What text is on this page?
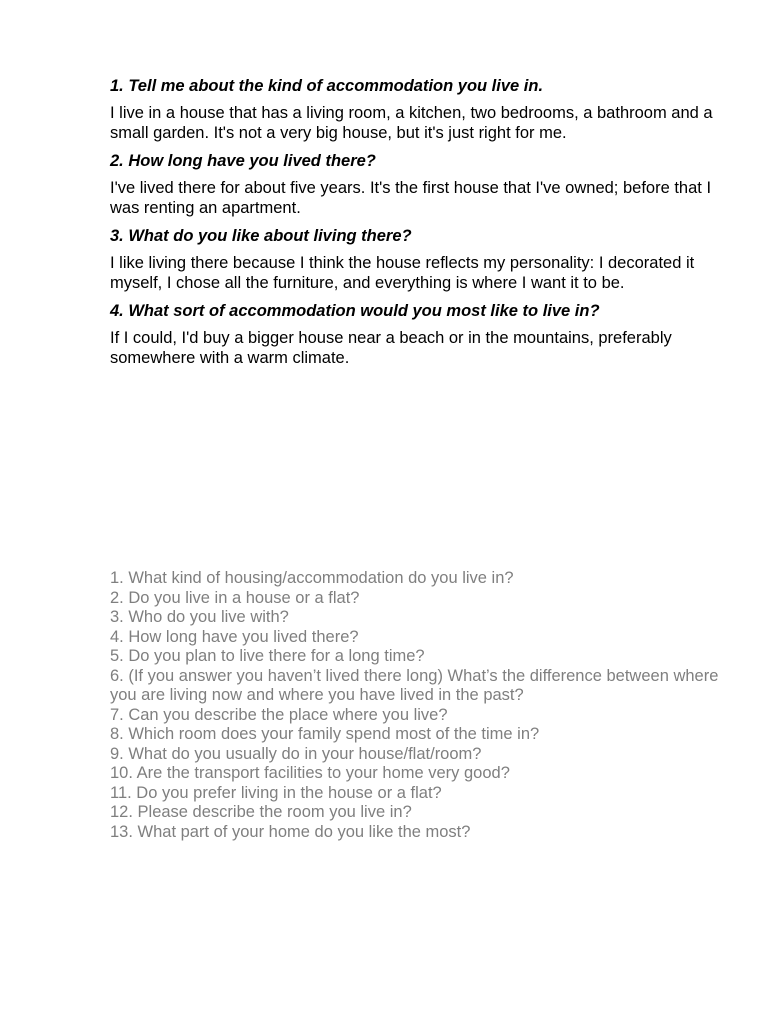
1. Tell me about the kind of accommodation you live in.

I live in a house that has a living room, a kitchen, two bedrooms, a bathroom and a small garden. It's not a very big house, but it's just right for me.

2. How long have you lived there?

I've lived there for about five years. It's the first house that I've owned; before that I was renting an apartment.

3. What do you like about living there?

I like living there because I think the house reflects my personality: I decorated it myself, I chose all the furniture, and everything is where I want it to be.

4. What sort of accommodation would you most like to live in?

If I could, I'd buy a bigger house near a beach or in the mountains, preferably somewhere with a warm climate.

1. What kind of housing/accommodation do you live in?
2. Do you live in a house or a flat?
3. Who do you live with?
4. How long have you lived there?
5. Do you plan to live there for a long time?
6. (If you answer you haven’t lived there long) What’s the difference between where you are living now and where you have lived in the past?
7. Can you describe the place where you live?
8. Which room does your family spend most of the time in?
9. What do you usually do in your house/flat/room?
10. Are the transport facilities to your home very good?
11. Do you prefer living in the house or a flat?
12. Please describe the room you live in?
13. What part of your home do you like the most?
